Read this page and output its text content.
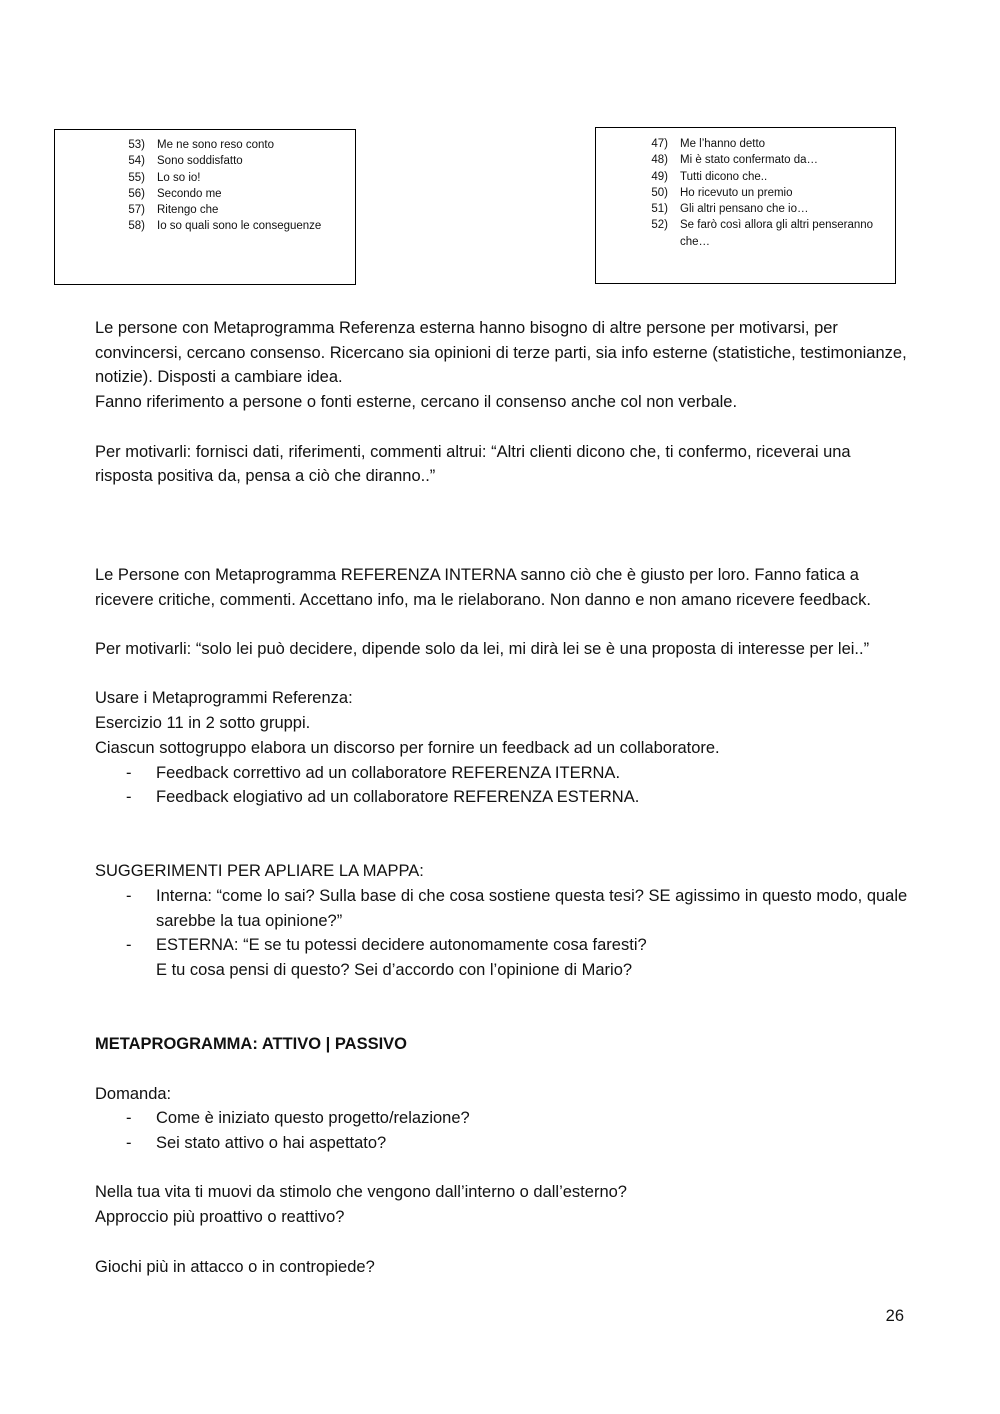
53)	Me ne sono reso conto
54)	Sono soddisfatto
55)	Lo so io!
56)	Secondo me
57)	Ritengo che
58)	Io so quali sono le conseguenze
47)	Me l’hanno detto
48)	Mi è stato confermato da…
49)	Tutti dicono che..
50)	Ho ricevuto un premio
51)	Gli altri pensano che io…
52)	Se farò così allora gli altri penseranno che…

Le persone con Metaprogramma Referenza esterna hanno bisogno di altre persone per motivarsi, per convincersi, cercano consenso. Ricercano sia opinioni di terze parti, sia info esterne (statistiche, testimonianze, notizie). Disposti a cambiare idea.

Fanno riferimento a persone o fonti esterne, cercano il consenso anche col non verbale.

Per motivarli: fornisci dati, riferimenti, commenti altrui: “Altri clienti dicono che, ti confermo, riceverai una risposta positiva da, pensa a ciò che diranno..”

Le Persone con Metaprogramma REFERENZA INTERNA sanno ciò che è giusto per loro. Fanno fatica a ricevere critiche, commenti. Accettano info, ma le rielaborano. Non danno e non amano ricevere feedback.

Per motivarli: “solo lei può decidere, dipende solo da lei, mi dirà lei se è una proposta di interesse per lei..”

Usare i Metaprogrammi Referenza:

Esercizio 11 in 2 sotto gruppi.

Ciascun sottogruppo elabora un discorso per fornire un feedback ad un collaboratore.

- Feedback correttivo ad un collaboratore REFERENZA ITERNA.
- Feedback elogiativo ad un collaboratore REFERENZA ESTERNA.

SUGGERIMENTI PER APLIARE LA MAPPA:

- Interna: “come lo sai? Sulla base di che cosa sostiene questa tesi? SE agissimo in questo modo, quale sarebbe la tua opinione?”
- ESTERNA: “E se tu potessi decidere autonomamente cosa faresti?

E tu cosa pensi di questo? Sei d’accordo con l’opinione di Mario?

METAPROGRAMMA: ATTIVO | PASSIVO

Domanda:

- Come è iniziato questo progetto/relazione?
- Sei stato attivo o hai aspettato?

Nella tua vita ti muovi da stimolo che vengono dall’interno o dall’esterno?

Approccio più proattivo o reattivo?

Giochi più in attacco o in contropiede?

26
